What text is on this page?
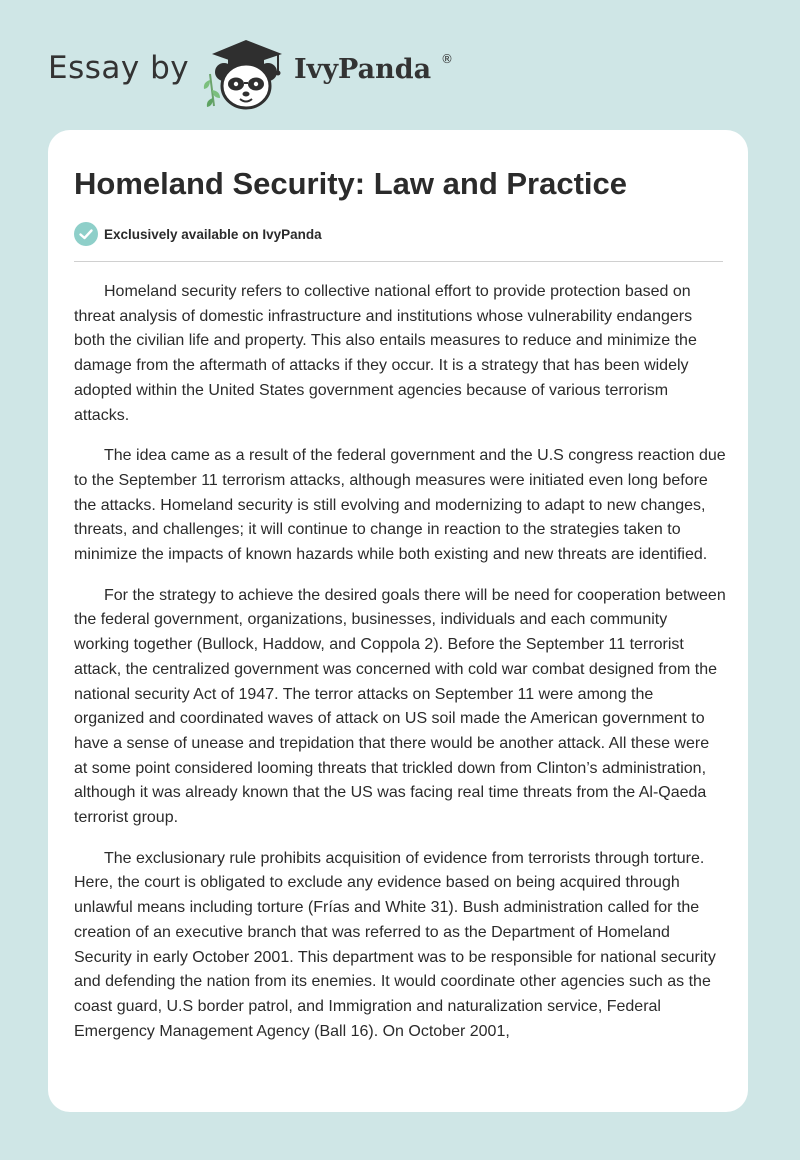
Essay by	IvyPanda ®
Homeland Security: Law and Practice
Exclusively available on IvyPanda

Homeland security refers to collective national effort to provide protection based on threat analysis of domestic infrastructure and institutions whose vulnerability endangers both the civilian life and property. This also entails measures to reduce and minimize the damage from the aftermath of attacks if they occur. It is a strategy that has been widely adopted within the United States government agencies because of various terrorism attacks.

The idea came as a result of the federal government and the U.S congress reaction due to the September 11 terrorism attacks, although measures were initiated even long before the attacks. Homeland security is still evolving and modernizing to adapt to new changes, threats, and challenges; it will continue to change in reaction to the strategies taken to minimize the impacts of known hazards while both existing and new threats are identified.

For the strategy to achieve the desired goals there will be need for cooperation between the federal government, organizations, businesses, individuals and each community working together (Bullock, Haddow, and Coppola 2). Before the September 11 terrorist attack, the centralized government was concerned with cold war combat designed from the national security Act of 1947. The terror attacks on September 11 were among the organized and coordinated waves of attack on US soil made the American government to have a sense of unease and trepidation that there would be another attack. All these were at some point considered looming threats that trickled down from Clinton’s administration, although it was already known that the US was facing real time threats from the Al-Qaeda terrorist group.

The exclusionary rule prohibits acquisition of evidence from terrorists through torture. Here, the court is obligated to exclude any evidence based on being acquired through unlawful means including torture (Frías and White 31). Bush administration called for the creation of an executive branch that was referred to as the Department of Homeland Security in early October 2001. This department was to be responsible for national security and defending the nation from its enemies. It would coordinate other agencies such as the coast guard, U.S border patrol, and Immigration and naturalization service, Federal Emergency Management Agency (Ball 16). On October 2001,
